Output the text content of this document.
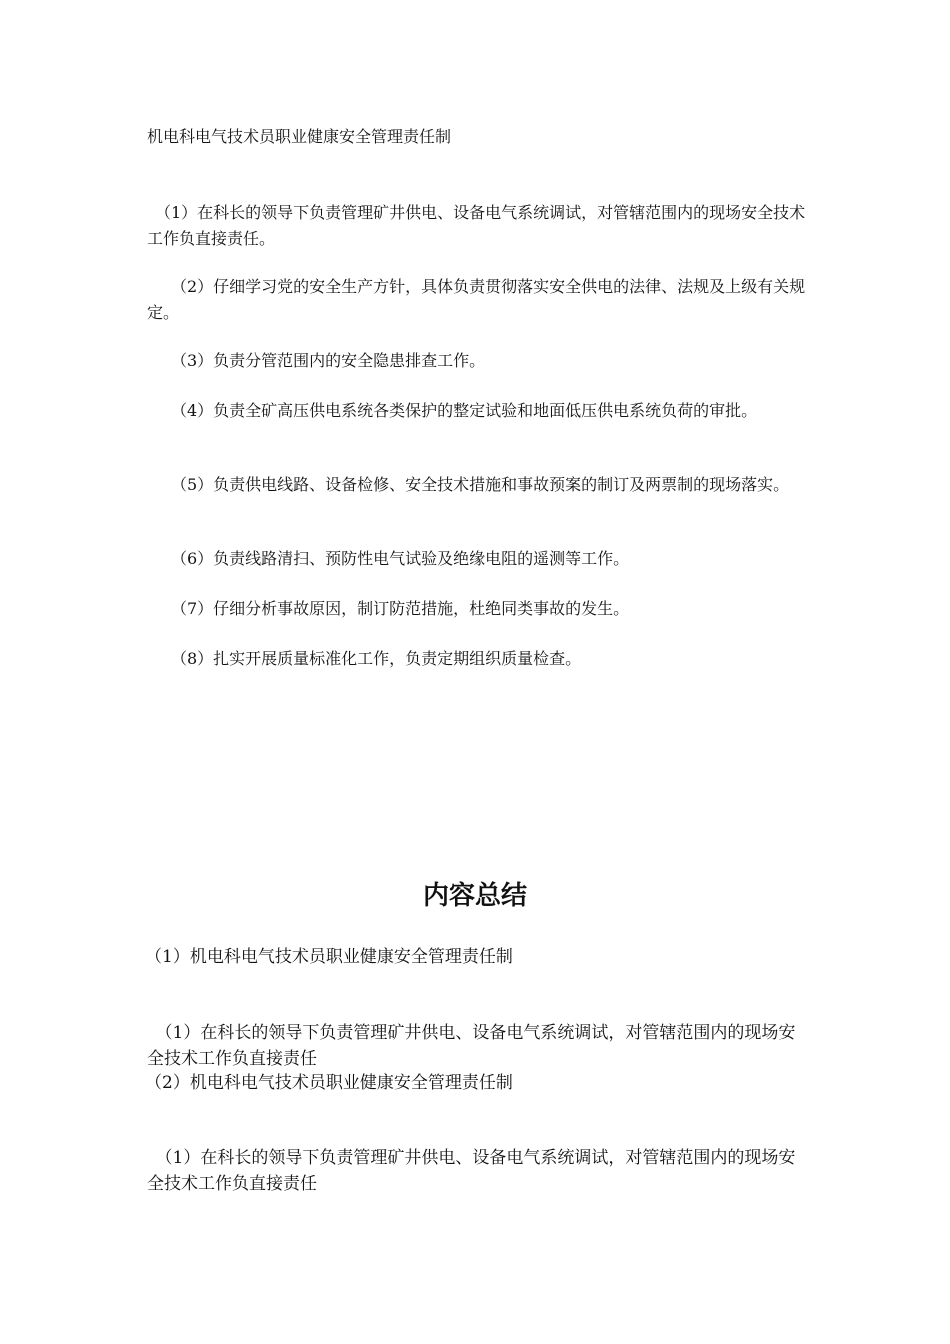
机电科电气技术员职业健康安全管理责任制

　（1）在科长的领导下负责管理矿井供电、设备电气系统调试，对管辖范围内的现场安全技术工作负直接责任。

　　（2）仔细学习党的安全生产方针，具体负责贯彻落实安全供电的法律、法规及上级有关规定。

　　（3）负责分管范围内的安全隐患排查工作。

　　（4）负责全矿高压供电系统各类保护的整定试验和地面低压供电系统负荷的审批。

　　（5）负责供电线路、设备检修、安全技术措施和事故预案的制订及两票制的现场落实。

　　（6）负责线路清扫、预防性电气试验及绝缘电阻的遥测等工作。

　　（7）仔细分析事故原因，制订防范措施，杜绝同类事故的发生。

　　（8）扎实开展质量标准化工作，负责定期组织质量检查。

内容总结

（1）机电科电气技术员职业健康安全管理责任制

　（1）在科长的领导下负责管理矿井供电、设备电气系统调试，对管辖范围内的现场安全技术工作负直接责任

（2）机电科电气技术员职业健康安全管理责任制

　（1）在科长的领导下负责管理矿井供电、设备电气系统调试，对管辖范围内的现场安全技术工作负直接责任
